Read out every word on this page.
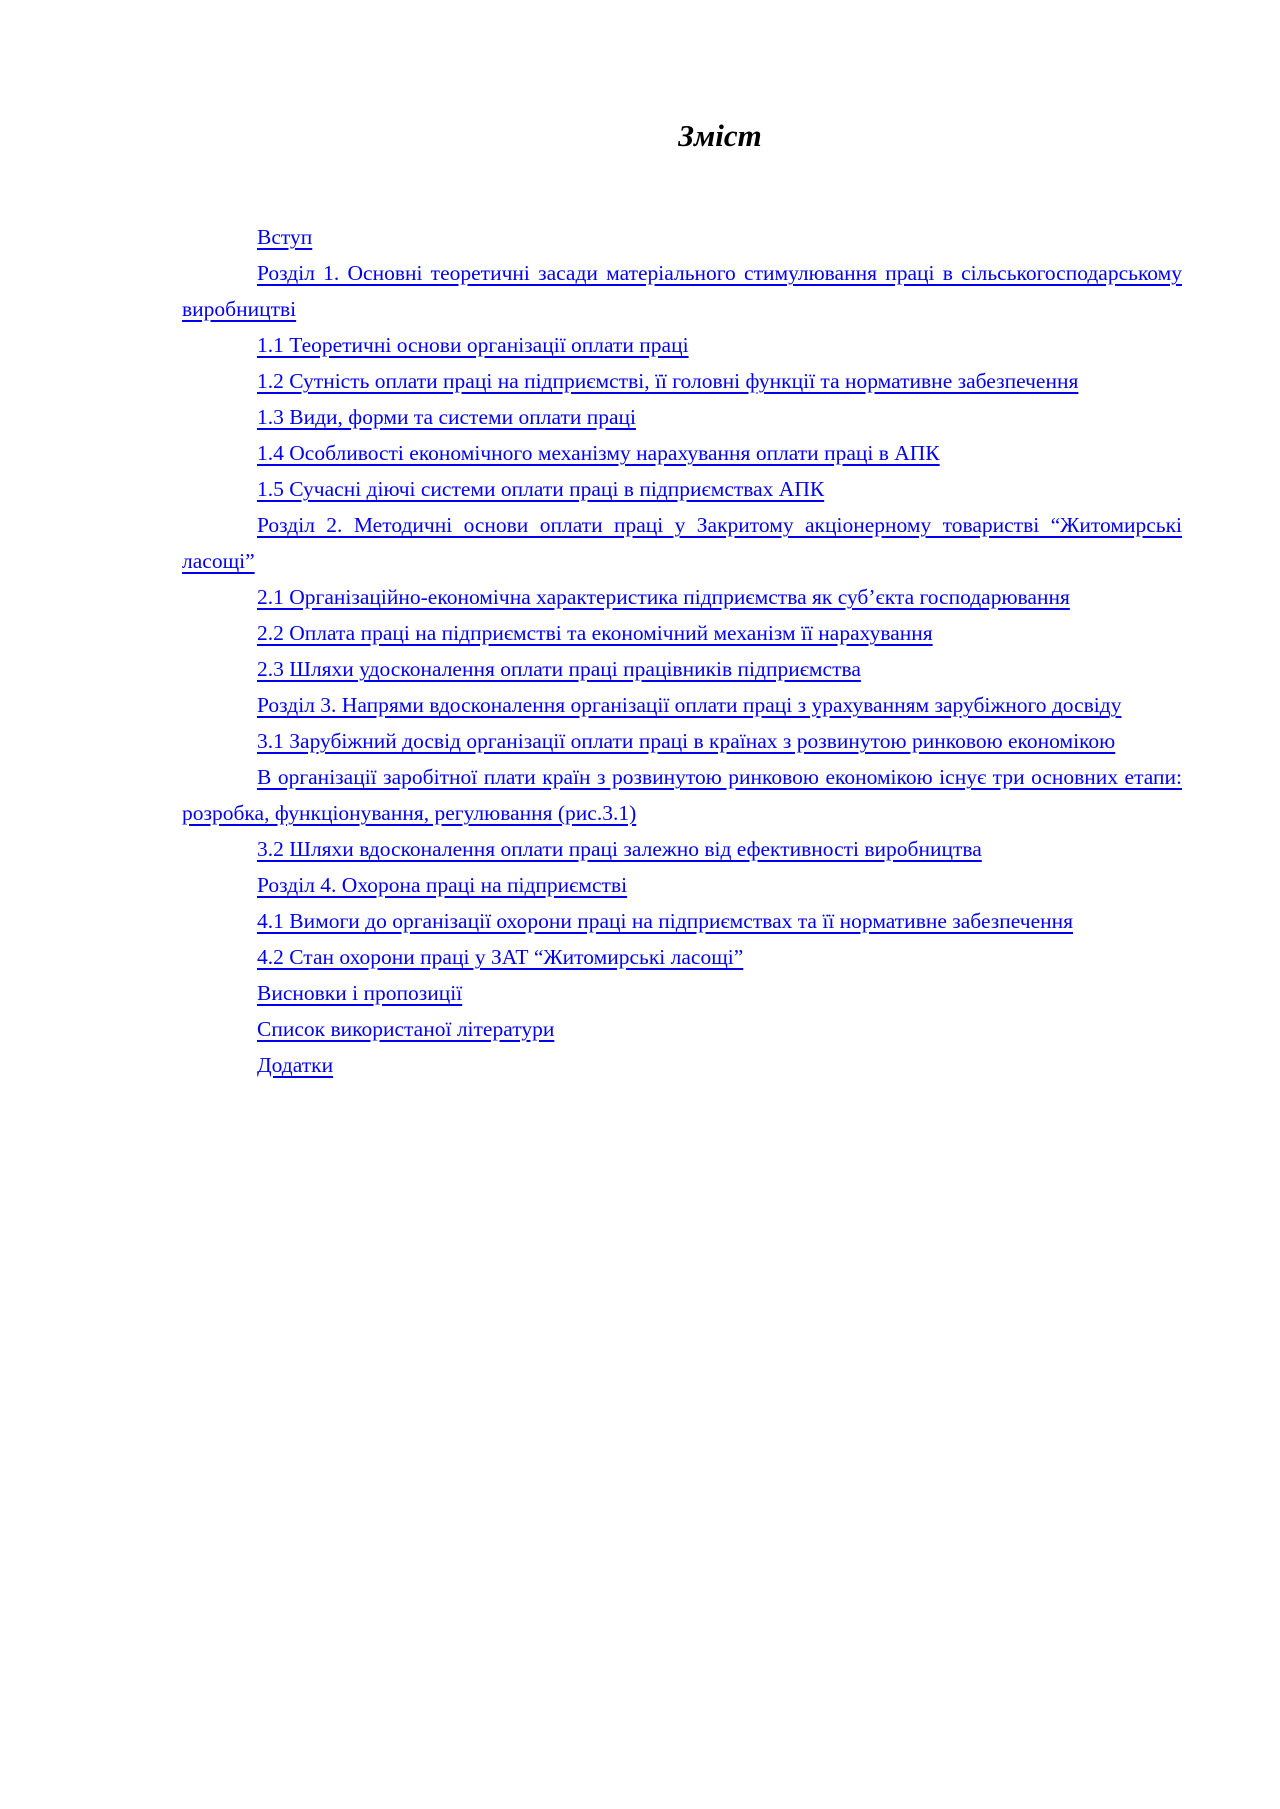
Зміст
Вступ
Розділ 1. Основні теоретичні засади матеріального стимулювання праці в сільськогосподарському виробництві
1.1 Теоретичні основи організації оплати праці
1.2 Сутність оплати праці на підприємстві, її головні функції та нормативне забезпечення
1.3 Види, форми та системи оплати праці
1.4 Особливості економічного механізму нарахування оплати праці в АПК
1.5 Сучасні діючі системи оплати праці в підприємствах АПК
Розділ 2. Методичні основи оплати праці у Закритому акціонерному товаристві “Житомирські ласощі”
2.1 Організаційно-економічна характеристика підприємства як суб’єкта господарювання
2.2 Оплата праці на підприємстві та економічний механізм її нарахування
2.3 Шляхи удосконалення оплати праці працівників підприємства
Розділ 3. Напрями вдосконалення організації оплати праці з урахуванням зарубіжного досвіду
3.1 Зарубіжний досвід організації оплати праці в країнах з розвинутою ринковою економікою
В організації заробітної плати країн з розвинутою ринковою економікою існує три основних етапи: розробка, функціонування, регулювання (рис.3.1)
3.2 Шляхи вдосконалення оплати праці залежно від ефективності виробництва
Розділ 4. Охорона праці на підприємстві
4.1 Вимоги до організації охорони праці на підприємствах та її нормативне забезпечення
4.2 Стан охорони праці у ЗАТ “Житомирські ласощі”
Висновки і пропозиції
Список використаної літератури
Додатки
